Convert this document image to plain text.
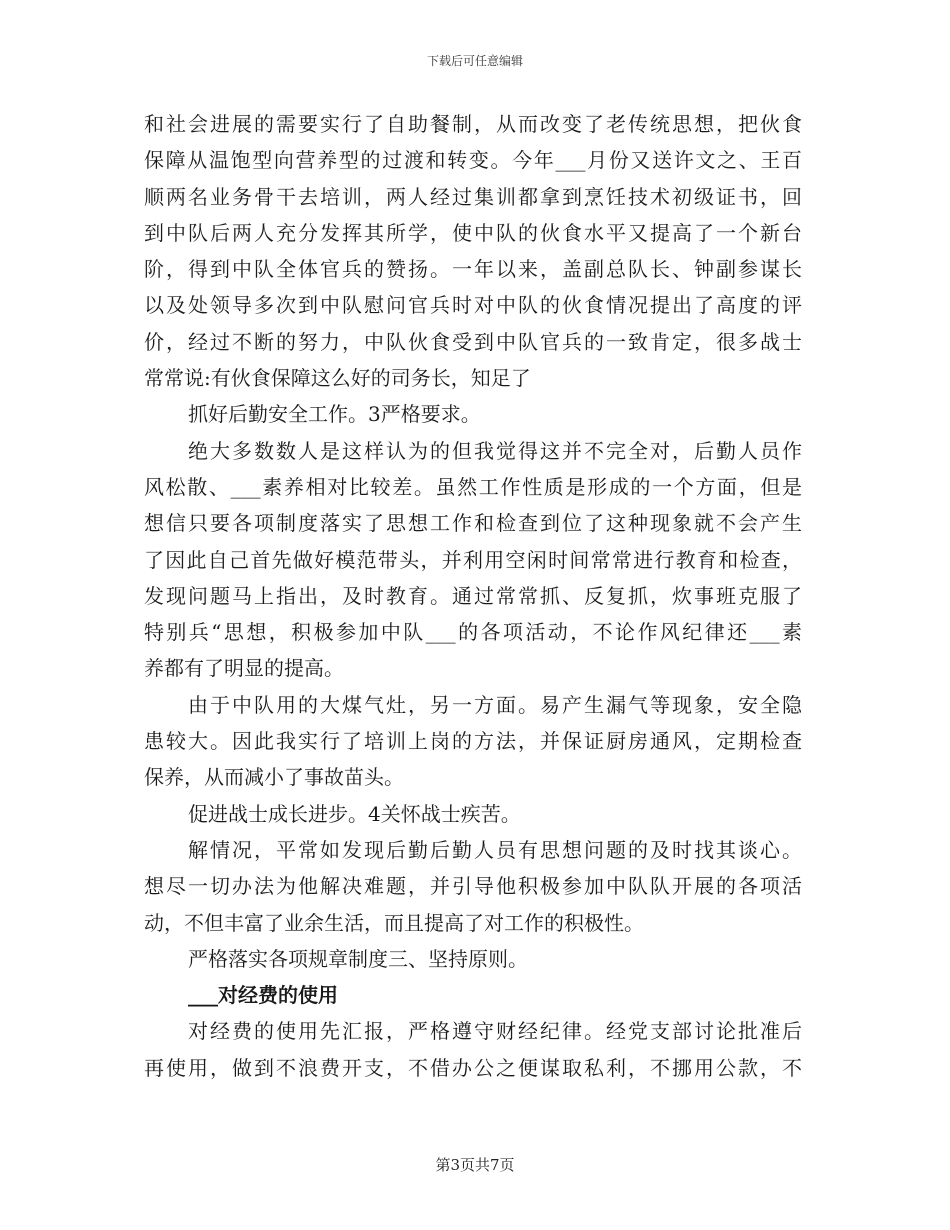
下载后可任意编辑
和社会进展的需要实行了自助餐制，从而改变了老传统思想，把伙食
保障从温饱型向营养型的过渡和转变。今年___月份又送许文之、王百
顺两名业务骨干去培训，两人经过集训都拿到烹饪技术初级证书，回
到中队后两人充分发挥其所学，使中队的伙食水平又提高了一个新台
阶，得到中队全体官兵的赞扬。一年以来，盖副总队长、钟副参谋长
以及处领导多次到中队慰问官兵时对中队的伙食情况提出了高度的评
价，经过不断的努力，中队伙食受到中队官兵的一致肯定，很多战士
常常说:有伙食保障这么好的司务长，知足了
抓好后勤安全工作。3严格要求。
绝大多数数人是这样认为的但我觉得这并不完全对，后勤人员作
风松散、___素养相对比较差。虽然工作性质是形成的一个方面，但是
想信只要各项制度落实了思想工作和检查到位了这种现象就不会产生
了因此自己首先做好模范带头，并利用空闲时间常常进行教育和检查，
发现问题马上指出，及时教育。通过常常抓、反复抓，炊事班克服了
特别兵“思想，积极参加中队___的各项活动，不论作风纪律还___素
养都有了明显的提高。
由于中队用的大煤气灶，另一方面。易产生漏气等现象，安全隐
患较大。因此我实行了培训上岗的方法，并保证厨房通风，定期检查
保养，从而减小了事故苗头。
促进战士成长进步。4关怀战士疾苦。
解情况，平常如发现后勤后勤人员有思想问题的及时找其谈心。
想尽一切办法为他解决难题，并引导他积极参加中队队开展的各项活
动，不但丰富了业余生活，而且提高了对工作的积极性。
严格落实各项规章制度三、坚持原则。
___对经费的使用
对经费的使用先汇报，严格遵守财经纪律。经党支部讨论批准后
再使用，做到不浪费开支，不借办公之便谋取私利，不挪用公款，不
第3页共7页
